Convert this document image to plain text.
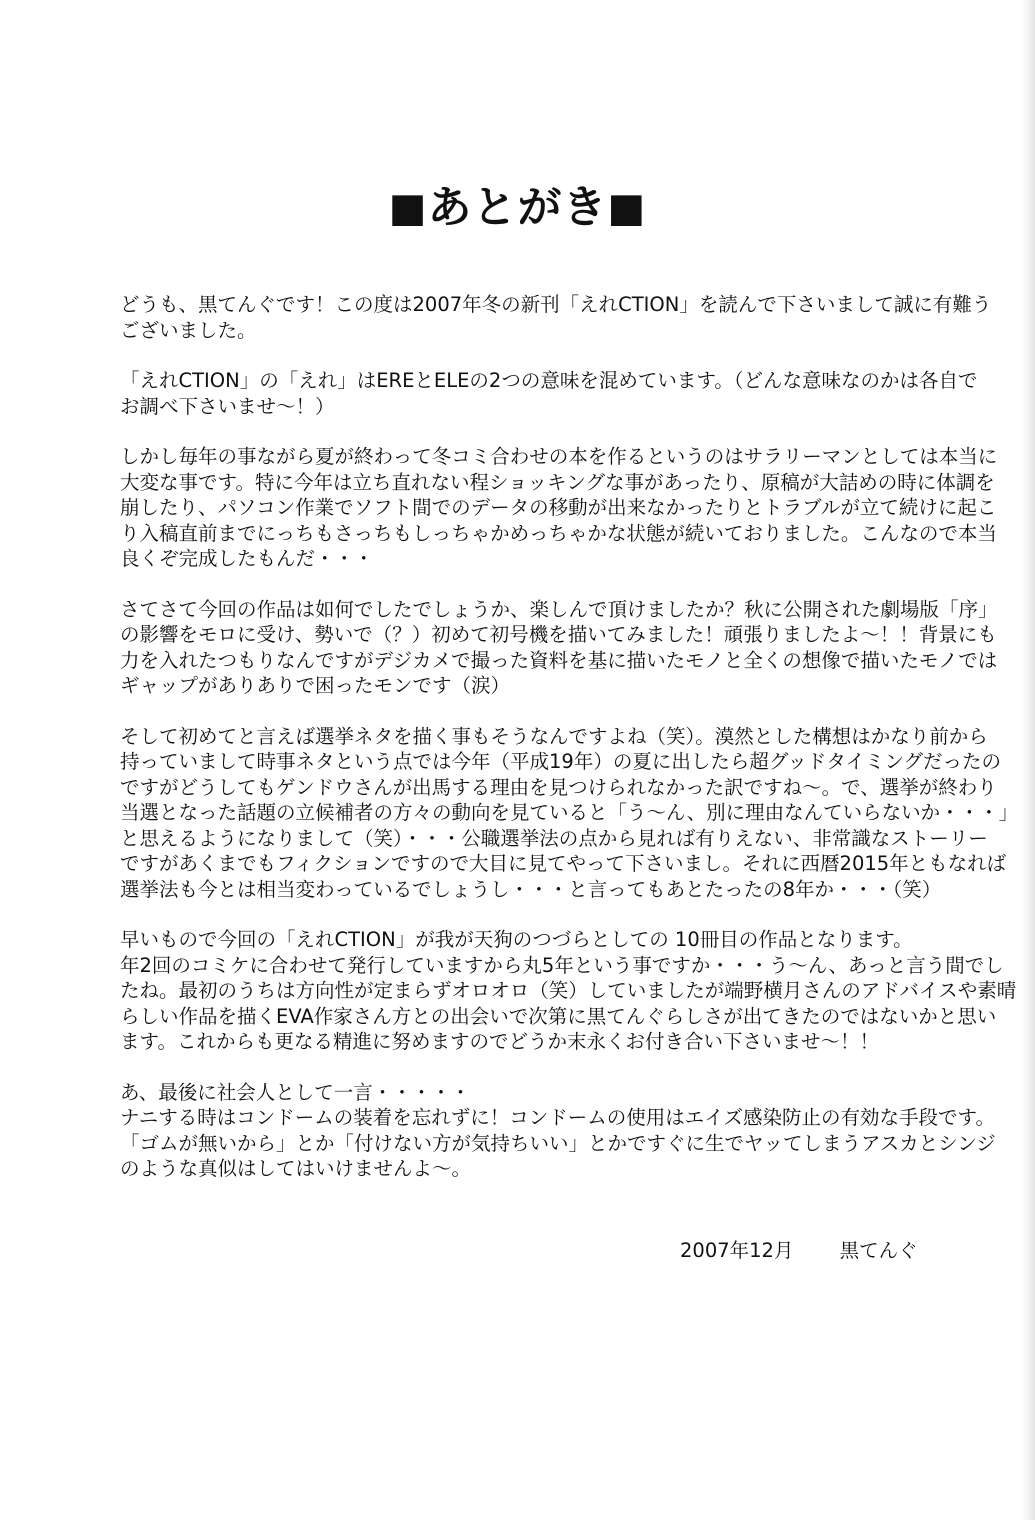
■ あとがき ■
どうも、黒てんぐです！この度は2007年冬の新刊「えれCTION」を読んで下さいまして誠に有難う
ございました。
「えれCTION」の「えれ」はEREとELEの2つの意味を混めています。（どんな意味なのかは各自で
お調べ下さいませ～！）
しかし毎年の事ながら夏が終わって冬コミ合わせの本を作るというのはサラリーマンとしては本当に
大変な事です。特に今年は立ち直れない程ショッキングな事があったり、原稿が大詰めの時に体調を
崩したり、パソコン作業でソフト間でのデータの移動が出来なかったりとトラブルが立て続けに起こ
り入稿直前までにっちもさっちもしっちゃかめっちゃかな状態が続いておりました。こんなので本当
良くぞ完成したもんだ・・・
さてさて今回の作品は如何でしたでしょうか、楽しんで頂けましたか？秋に公開された劇場版「序」
の影響をモロに受け、勢いで（？）初めて初号機を描いてみました！頑張りましたよ～！！背景にも
力を入れたつもりなんですがデジカメで撮った資料を基に描いたモノと全くの想像で描いたモノでは
ギャップがありありで困ったモンです（涙）
そして初めてと言えば選挙ネタを描く事もそうなんですよね（笑）。漠然とした構想はかなり前から
持っていまして時事ネタという点では今年（平成19年）の夏に出したら超グッドタイミングだったの
ですがどうしてもゲンドウさんが出馬する理由を見つけられなかった訳ですね～。で、選挙が終わり
当選となった話題の立候補者の方々の動向を見ていると「う～ん、別に理由なんていらないか・・・」
と思えるようになりまして（笑）・・・公職選挙法の点から見れば有りえない、非常識なストーリー
ですがあくまでもフィクションですので大目に見てやって下さいまし。それに西暦2015年ともなれば
選挙法も今とは相当変わっているでしょうし・・・と言ってもあとたったの8年か・・・（笑）
早いもので今回の「えれCTION」が我が天狗のつづらとしての 10冊目の作品となります。
年2回のコミケに合わせて発行していますから丸5年という事ですか・・・う～ん、あっと言う間でし
たね。最初のうちは方向性が定まらずオロオロ（笑）していましたが端野横月さんのアドバイスや素晴
らしい作品を描くEVA作家さん方との出会いで次第に黒てんぐらしさが出てきたのではないかと思い
ます。これからも更なる精進に努めますのでどうか末永くお付き合い下さいませ～！！
あ、最後に社会人として一言・・・・・
ナニする時はコンドームの装着を忘れずに！コンドームの使用はエイズ感染防止の有効な手段です。
「ゴムが無いから」とか「付けない方が気持ちいい」とかですぐに生でヤッてしまうアスカとシンジ
のような真似はしてはいけませんよ～。
2007年12月 黒てんぐ
